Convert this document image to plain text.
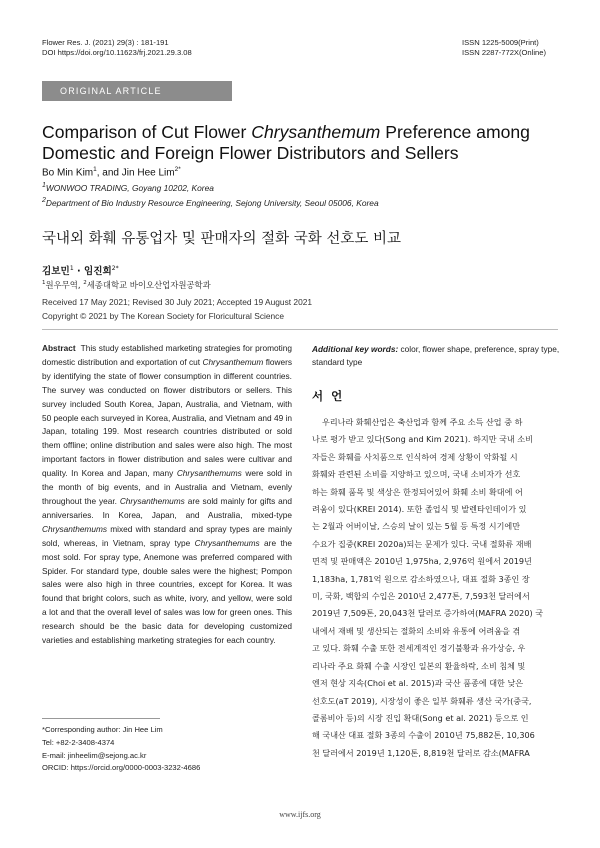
Flower Res. J. (2021) 29(3) : 181-191
DOI https://doi.org/10.11623/frj.2021.29.3.08
ISSN 1225-5009(Print)
ISSN 2287-772X(Online)
ORIGINAL ARTICLE
Comparison of Cut Flower Chrysanthemum Preference among Domestic and Foreign Flower Distributors and Sellers
Bo Min Kim$^1$, and Jin Hee Lim$^{2*}$
$^1$WONWOO TRADING, Goyang 10202, Korea
$^2$Department of Bio Industry Resource Engineering, Sejong University, Seoul 05006, Korea
국내외 화훼 유통업자 및 판매자의 절화 국화 선호도 비교
김보민$^1$ · 임진희$^{2*}$
$^1$원우무역, $^2$세종대학교 바이오산업자원공학과
Received 17 May 2021; Revised 30 July 2021; Accepted 19 August 2021
Copyright © 2021 by The Korean Society for Floricultural Science
Abstract This study established marketing strategies for promoting domestic distribution and exportation of cut Chrysanthemum flowers by identifying the state of flower consumption in different countries. The survey was conducted on flower distributors or sellers. This survey included South Korea, Japan, Australia, and Vietnam, with 50 people each surveyed in Korea, Australia, and Vietnam and 49 in Japan, totaling 199. Most research countries distributed or sold them offline; online distribution and sales were also high. The most important factors in flower distribution and sales were cultivar and quality. In Korea and Japan, many Chrysanthemums were sold in the month of big events, and in Australia and Vietnam, evenly throughout the year. Chrysanthemums are sold mainly for gifts and anniversaries. In Korea, Japan, and Australia, mixed-type Chrysanthemums mixed with standard and spray types are mainly sold, whereas, in Vietnam, spray type Chrysanthemums are the most sold. For spray type, Anemone was preferred compared with Spider. For standard type, double sales were the highest; Pompon sales were also high in three countries, except for Korea. It was found that bright colors, such as white, ivory, and yellow, were sold a lot and that the overall level of sales was low for green ones. This research should be the basic data for developing customized varieties and establishing marketing strategies for each country.
*Corresponding author: Jin Hee Lim
Tel: +82-2-3408-4374
E-mail: jinheelim@sejong.ac.kr
ORCID: https://orcid.org/0000-0003-3232-4686
Additional key words: color, flower shape, preference, spray type, standard type
서  언
우리나라 화훼산업은 축산업과 함께 주요 소득 산업 중 하
나로 평가 받고 있다(Song and Kim 2021). 하지만 국내 소비
자들은 화훼를 사치품으로 인식하여 경제 상황이 악화될 시
화훼와 관련된 소비를 지양하고 있으며, 국내 소비자가 선호
하는 화훼 품목 및 색상은 한정되어있어 화훼 소비 확대에 어
려움이 있다(KREI 2014). 또한 졸업식 및 발렌타인데이가 있
는 2월과 어버이날, 스승의 날이 있는 5월 등 특정 시기에만
수요가 집중(KREI 2020a)되는 문제가 있다. 국내 절화류 재배
면적 및 판매액은 2010년 1,975ha, 2,976억 원에서 2019년
1,183ha, 1,781억 원으로 감소하였으나, 대표 절화 3종인 장
미, 국화, 백합의 수입은 2010년 2,477톤, 7,593천 달러에서
2019년 7,509톤, 20,043천 달러로 증가하여(MAFRA 2020) 국
내에서 재배 및 생산되는 절화의 소비와 유통에 어려움을 겪
고 있다. 화훼 수출 또한 전세계적인 경기불황과 유가상승, 우
리나라 주요 화훼 수출 시장인 일본의 환율하락, 소비 침체 및
엔저 현상 지속(Choi et al. 2015)과 국산 품종에 대한 낮은
선호도(aT 2019), 시장성이 좋은 일부 화훼류 생산 국가(중국,
콜롬비아 등)의 시장 진입 확대(Song et al. 2021) 등으로 인
해 국내산 대표 절화 3종의 수출이 2010년 75,882톤, 10,306
천 달러에서 2019년 1,120톤, 8,819천 달러로 감소(MAFRA
www.ijfs.org
